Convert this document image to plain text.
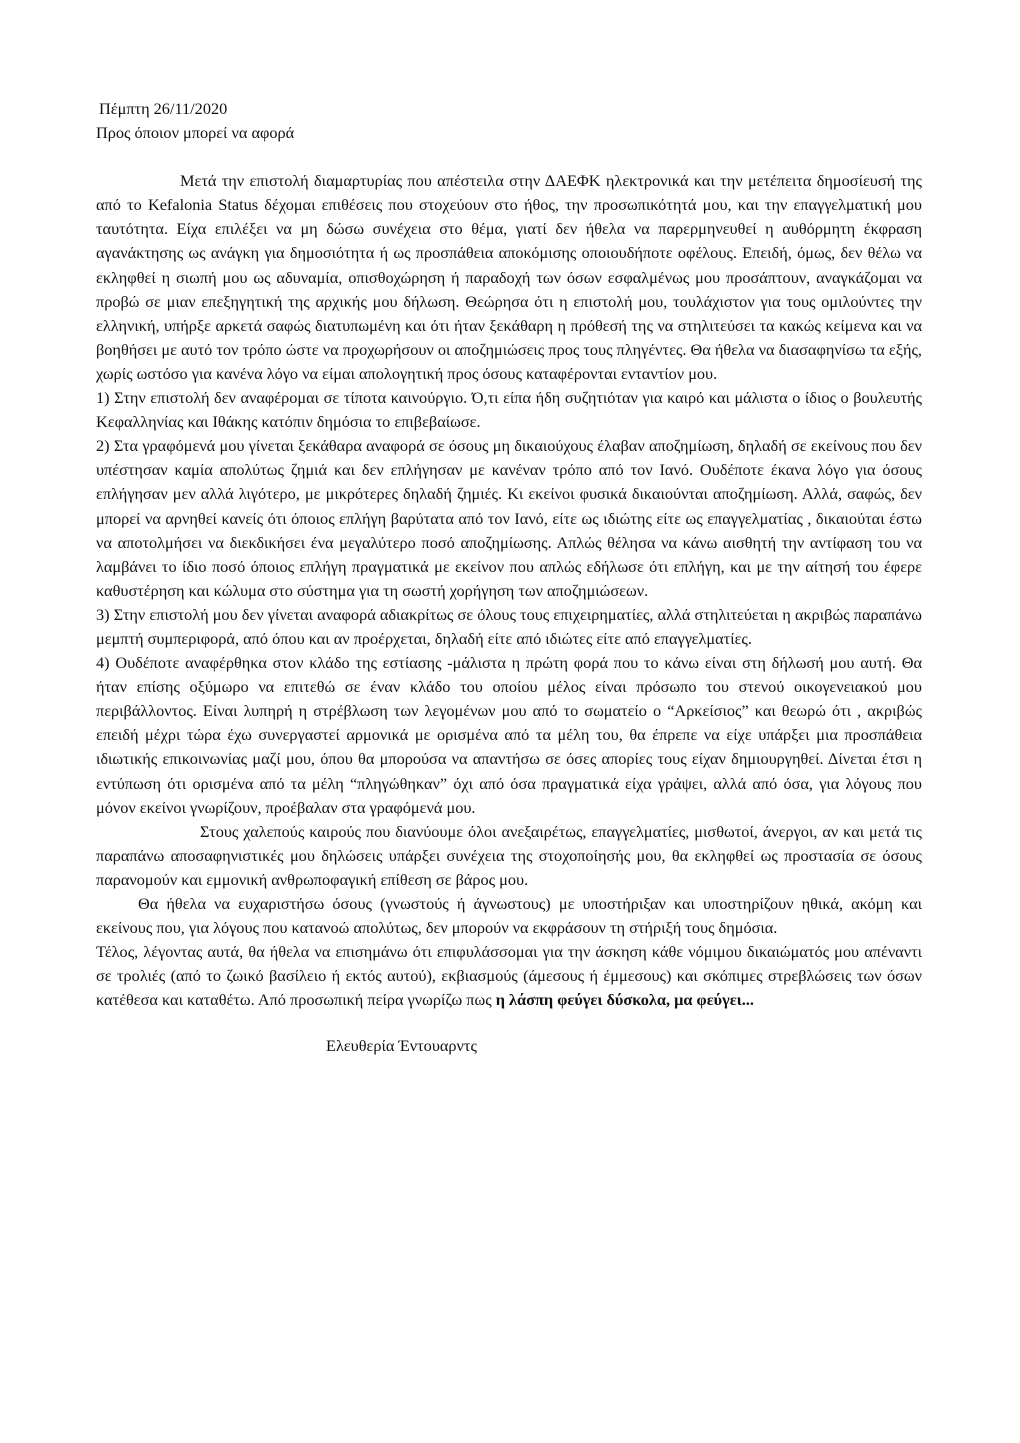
Πέμπτη 26/11/2020

Προς όποιον μπορεί να αφορά

Μετά την επιστολή διαμαρτυρίας που απέστειλα στην ΔΑΕΦΚ ηλεκτρονικά και την μετέπειτα δημοσίευσή της από το Kefalonia Status δέχομαι επιθέσεις που στοχεύουν στο ήθος, την προσωπικότητά μου, και την επαγγελματική μου ταυτότητα. Είχα επιλέξει να μη δώσω συνέχεια στο θέμα, γιατί δεν ήθελα να παρερμηνευθεί η αυθόρμητη έκφραση αγανάκτησης ως ανάγκη για δημοσιότητα ή ως προσπάθεια αποκόμισης οποιουδήποτε οφέλους. Επειδή, όμως, δεν θέλω να εκληφθεί η σιωπή μου ως αδυναμία, οπισθοχώρηση ή παραδοχή των όσων εσφαλμένως μου προσάπτουν, αναγκάζομαι να προβώ σε μιαν επεξηγητική της αρχικής μου δήλωση. Θεώρησα ότι η επιστολή μου, τουλάχιστον για τους ομιλούντες την ελληνική, υπήρξε αρκετά σαφώς διατυπωμένη και ότι ήταν ξεκάθαρη η πρόθεσή της να στηλιτεύσει τα κακώς κείμενα και να βοηθήσει με αυτό τον τρόπο ώστε να προχωρήσουν οι αποζημιώσεις προς τους πληγέντες. Θα ήθελα να διασαφηνίσω τα εξής, χωρίς ωστόσο για κανένα λόγο να είμαι απολογητική προς όσους καταφέρονται ενταντίον μου.

1) Στην επιστολή δεν αναφέρομαι σε τίποτα καινούργιο. Ό,τι είπα ήδη συζητιόταν για καιρό και μάλιστα ο ίδιος ο βουλευτής Κεφαλληνίας και Ιθάκης κατόπιν δημόσια το επιβεβαίωσε.

2) Στα γραφόμενά μου γίνεται ξεκάθαρα αναφορά σε όσους μη δικαιούχους έλαβαν αποζημίωση, δηλαδή σε εκείνους που δεν υπέστησαν καμία απολύτως ζημιά και δεν επλήγησαν με κανέναν τρόπο από τον Ιανό. Ουδέποτε έκανα λόγο για όσους επλήγησαν μεν αλλά λιγότερο, με μικρότερες δηλαδή ζημιές. Κι εκείνοι φυσικά δικαιούνται αποζημίωση. Αλλά, σαφώς, δεν μπορεί να αρνηθεί κανείς ότι όποιος επλήγη βαρύτατα από τον Ιανό, είτε ως ιδιώτης είτε ως επαγγελματίας , δικαιούται έστω να αποτολμήσει να διεκδικήσει ένα μεγαλύτερο ποσό αποζημίωσης. Απλώς θέλησα να κάνω αισθητή την αντίφαση του να λαμβάνει το ίδιο ποσό όποιος επλήγη πραγματικά με εκείνον που απλώς εδήλωσε ότι επλήγη, και με την αίτησή του έφερε καθυστέρηση και κώλυμα στο σύστημα για τη σωστή χορήγηση των αποζημιώσεων.

3) Στην επιστολή μου δεν γίνεται αναφορά αδιακρίτως σε όλους τους επιχειρηματίες, αλλά στηλιτεύεται η ακριβώς παραπάνω μεμπτή συμπεριφορά, από όπου και αν προέρχεται, δηλαδή είτε από ιδιώτες είτε από επαγγελματίες.

4) Ουδέποτε αναφέρθηκα στον κλάδο της εστίασης -μάλιστα η πρώτη φορά που το κάνω είναι στη δήλωσή μου αυτή. Θα ήταν επίσης οξύμωρο να επιτεθώ σε έναν κλάδο του οποίου μέλος είναι πρόσωπο του στενού οικογενειακού μου περιβάλλοντος. Είναι λυπηρή η στρέβλωση των λεγομένων μου από το σωματείο ο “Αρκείσιος” και θεωρώ ότι , ακριβώς επειδή μέχρι τώρα έχω συνεργαστεί αρμονικά με ορισμένα από τα μέλη του, θα έπρεπε να είχε υπάρξει μια προσπάθεια ιδιωτικής επικοινωνίας μαζί μου, όπου θα μπορούσα να απαντήσω σε όσες απορίες τους είχαν δημιουργηθεί. Δίνεται έτσι η εντύπωση ότι ορισμένα από τα μέλη “πληγώθηκαν” όχι από όσα πραγματικά είχα γράψει, αλλά από όσα, για λόγους που μόνον εκείνοι γνωρίζουν, προέβαλαν στα γραφόμενά μου.

Στους χαλεπούς καιρούς που διανύουμε όλοι ανεξαιρέτως, επαγγελματίες, μισθωτοί, άνεργοι, αν και μετά τις παραπάνω αποσαφηνιστικές μου δηλώσεις υπάρξει συνέχεια της στοχοποίησής μου, θα εκληφθεί ως προστασία σε όσους παρανομούν και εμμονική ανθρωποφαγική επίθεση σε βάρος μου.

Θα ήθελα να ευχαριστήσω όσους (γνωστούς ή άγνωστους) με υποστήριξαν και υποστηρίζουν ηθικά, ακόμη και εκείνους που, για λόγους που κατανοώ απολύτως, δεν μπορούν να εκφράσουν τη στήριξή τους δημόσια.

Τέλος, λέγοντας αυτά, θα ήθελα να επισημάνω ότι επιφυλάσσομαι για την άσκηση κάθε νόμιμου δικαιώματός μου απέναντι σε τρολιές (από το ζωικό βασίλειο ή εκτός αυτού), εκβιασμούς (άμεσους ή έμμεσους) και σκόπιμες στρεβλώσεις των όσων κατέθεσα και καταθέτω. Από προσωπική πείρα γνωρίζω πως η λάσπη φεύγει δύσκολα, μα φεύγει...

Ελευθερία Έντουαρντς
